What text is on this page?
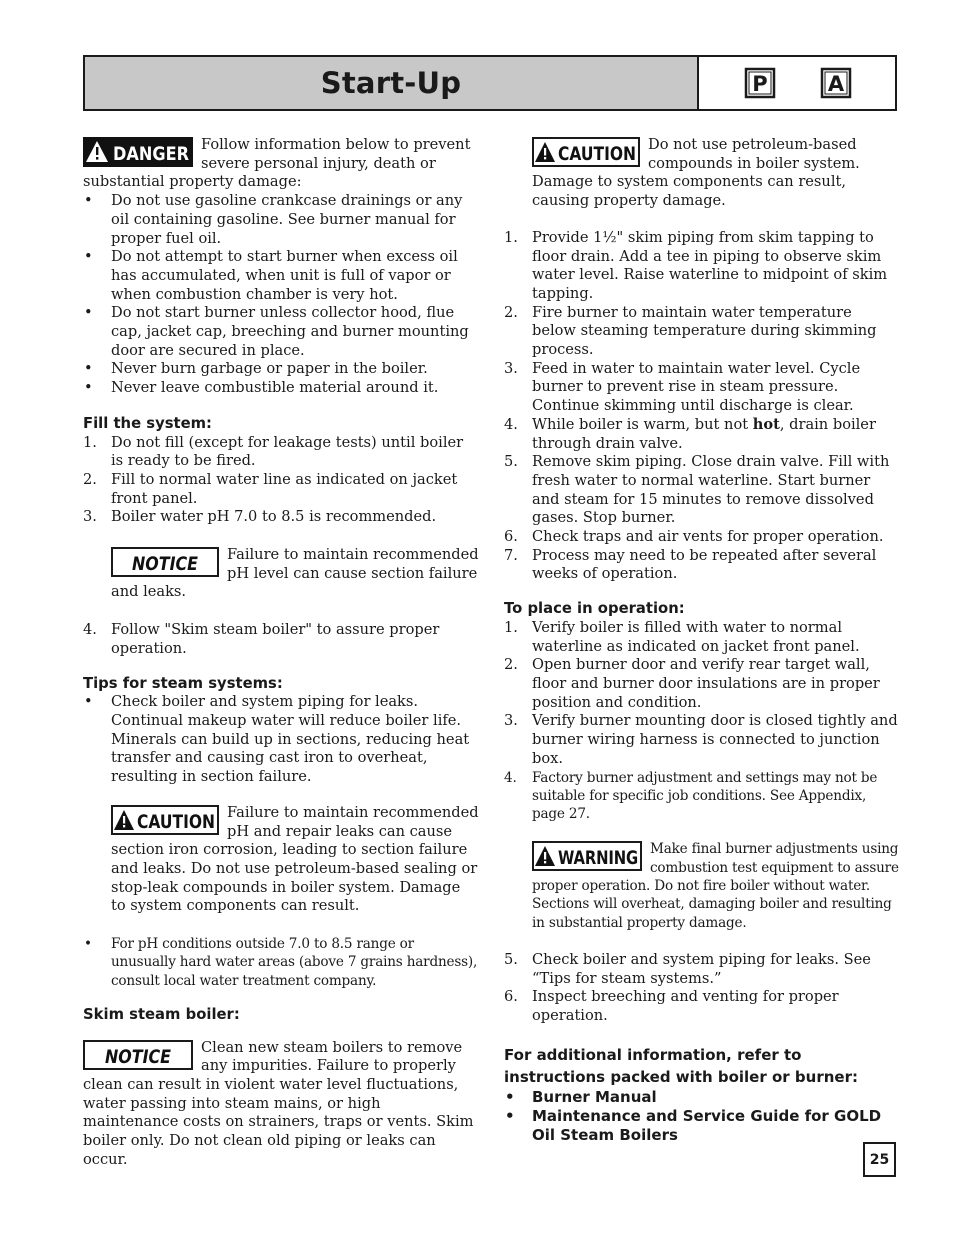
Start-Up	P	A
DANGER Follow information below to prevent severe personal injury, death or substantial property damage:
• Do not use gasoline crankcase drainings or any oil containing gasoline. See burner manual for proper fuel oil.
• Do not attempt to start burner when excess oil has accumulated, when unit is full of vapor or when combustion chamber is very hot.
• Do not start burner unless collector hood, flue cap, jacket cap, breeching and burner mounting door are secured in place.
• Never burn garbage or paper in the boiler.
• Never leave combustible material around it.
Fill the system:
1. Do not fill (except for leakage tests) until boiler is ready to be fired.
2. Fill to normal water line as indicated on jacket front panel.
3. Boiler water pH 7.0 to 8.5 is recommended.
NOTICE Failure to maintain recommended pH level can cause section failure and leaks.
4. Follow "Skim steam boiler" to assure proper operation.
Tips for steam systems:
• Check boiler and system piping for leaks. Continual makeup water will reduce boiler life. Minerals can build up in sections, reducing heat transfer and causing cast iron to overheat, resulting in section failure.
CAUTION Failure to maintain recommended pH and repair leaks can cause section iron corrosion, leading to section failure and leaks. Do not use petroleum-based sealing or stop-leak compounds in boiler system. Damage to system components can result.
• For pH conditions outside 7.0 to 8.5 range or unusually hard water areas (above 7 grains hardness), consult local water treatment company.
Skim steam boiler:
NOTICE Clean new steam boilers to remove any impurities. Failure to properly clean can result in violent water level fluctuations, water passing into steam mains, or high maintenance costs on strainers, traps or vents. Skim boiler only. Do not clean old piping or leaks can occur.
CAUTION Do not use petroleum-based compounds in boiler system. Damage to system components can result, causing property damage.
1. Provide 1½" skim piping from skim tapping to floor drain. Add a tee in piping to observe skim water level. Raise waterline to midpoint of skim tapping.
2. Fire burner to maintain water temperature below steaming temperature during skimming process.
3. Feed in water to maintain water level. Cycle burner to prevent rise in steam pressure. Continue skimming until discharge is clear.
4. While boiler is warm, but not hot, drain boiler through drain valve.
5. Remove skim piping. Close drain valve. Fill with fresh water to normal waterline. Start burner and steam for 15 minutes to remove dissolved gases. Stop burner.
6. Check traps and air vents for proper operation.
7. Process may need to be repeated after several weeks of operation.
To place in operation:
1. Verify boiler is filled with water to normal waterline as indicated on jacket front panel.
2. Open burner door and verify rear target wall, floor and burner door insulations are in proper position and condition.
3. Verify burner mounting door is closed tightly and burner wiring harness is connected to junction box.
4. Factory burner adjustment and settings may not be suitable for specific job conditions. See Appendix, page 27.
WARNING Make final burner adjustments using combustion test equipment to assure proper operation. Do not fire boiler without water. Sections will overheat, damaging boiler and resulting in substantial property damage.
5. Check boiler and system piping for leaks. See “Tips for steam systems.”
6. Inspect breeching and venting for proper operation.
For additional information, refer to instructions packed with boiler or burner:
• Burner Manual
• Maintenance and Service Guide for GOLD Oil Steam Boilers
25
